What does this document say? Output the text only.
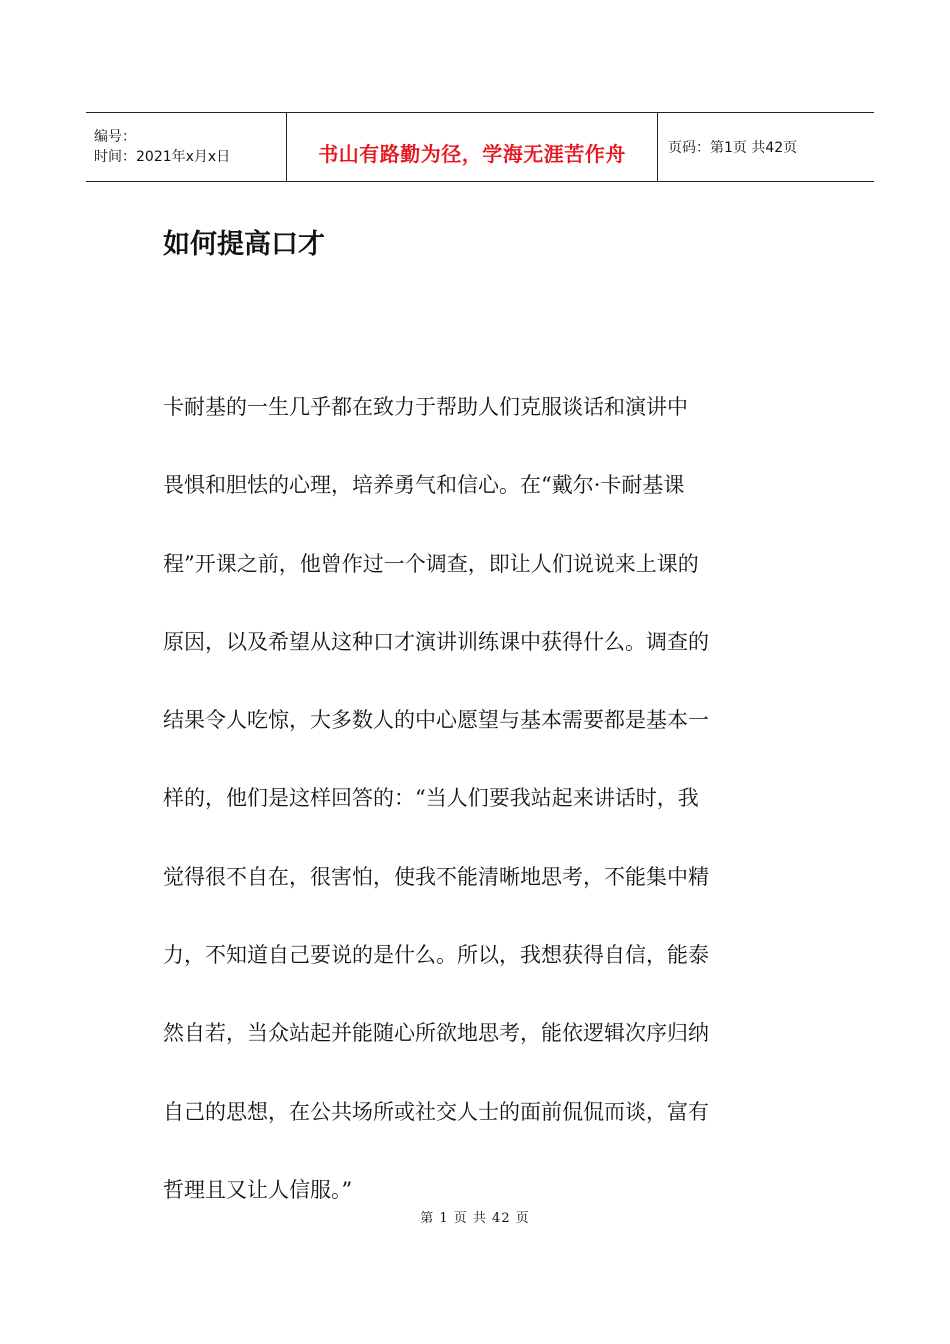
编号：
时间：2021年x月x日	书山有路勤为径，学海无涯苦作舟	页码：第1页 共42页
如何提高口才
卡耐基的一生几乎都在致力于帮助人们克服谈话和演讲中
畏惧和胆怯的心理，培养勇气和信心。在“戴尔·卡耐基课
程”开课之前，他曾作过一个调查，即让人们说说来上课的
原因，以及希望从这种口才演讲训练课中获得什么。调查的
结果令人吃惊，大多数人的中心愿望与基本需要都是基本一
样的，他们是这样回答的：“当人们要我站起来讲话时，我
觉得很不自在，很害怕，使我不能清晰地思考，不能集中精
力，不知道自己要说的是什么。所以，我想获得自信，能泰
然自若，当众站起并能随心所欲地思考，能依逻辑次序归纳
自己的思想，在公共场所或社交人士的面前侃侃而谈，富有
哲理且又让人信服。”
第 1 页 共 42 页
